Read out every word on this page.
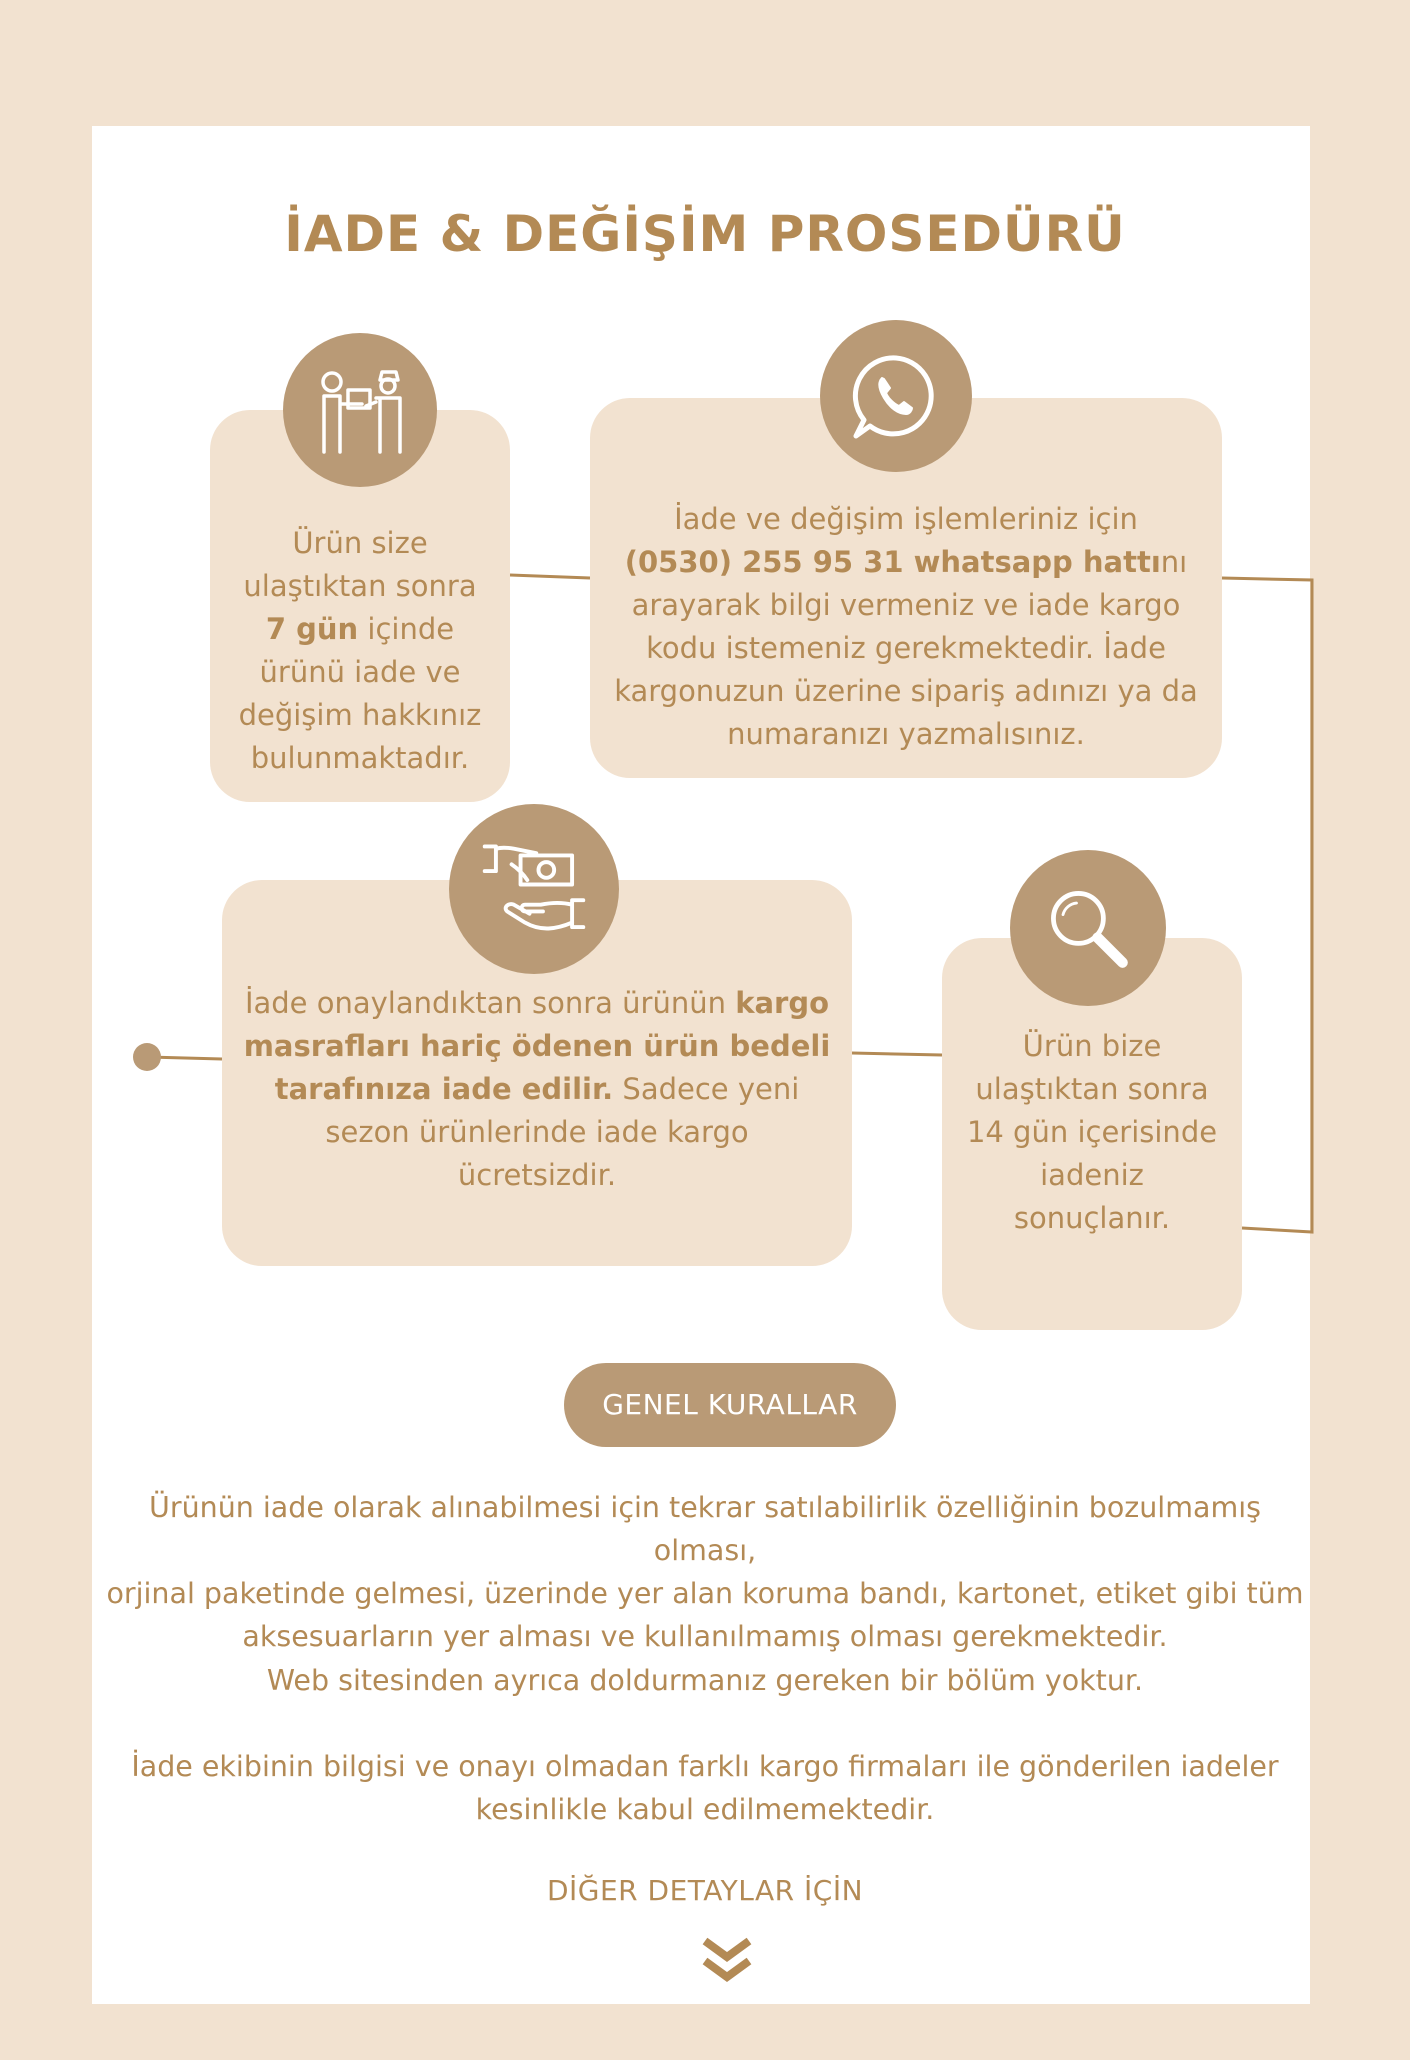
İADE & DEĞİŞİM PROSEDÜRÜ

Ürün size

ulaştıktan sonra

7 gün içinde

ürünü iade ve

değişim hakkınız

bulunmaktadır.

İade ve değişim işlemleriniz için

(0530) 255 95 31 whatsapp hattını

arayarak bilgi vermeniz ve iade kargo

kodu istemeniz gerekmektedir. İade

kargonuzun üzerine sipariş adınızı ya da

numaranızı yazmalısınız.

Ürün bize

ulaştıktan sonra

14 gün içerisinde

iadeniz

sonuçlanır.

İade onaylandıktan sonra ürünün kargo

masrafları hariç ödenen ürün bedeli

tarafınıza iade edilir. Sadece yeni

sezon ürünlerinde iade kargo

ücretsizdir.

GENEL KURALLAR

Ürünün iade olarak alınabilmesi için tekrar satılabilirlik özelliğinin bozulmamış olması,

orjinal paketinde gelmesi, üzerinde yer alan koruma bandı, kartonet, etiket gibi tüm

aksesuarların yer alması ve kullanılmamış olması gerekmektedir.

Web sitesinden ayrıca doldurmanız gereken bir bölüm yoktur.

İade ekibinin bilgisi ve onayı olmadan farklı kargo firmaları ile gönderilen iadeler

kesinlikle kabul edilmemektedir.

DİĞER DETAYLAR İÇİN
